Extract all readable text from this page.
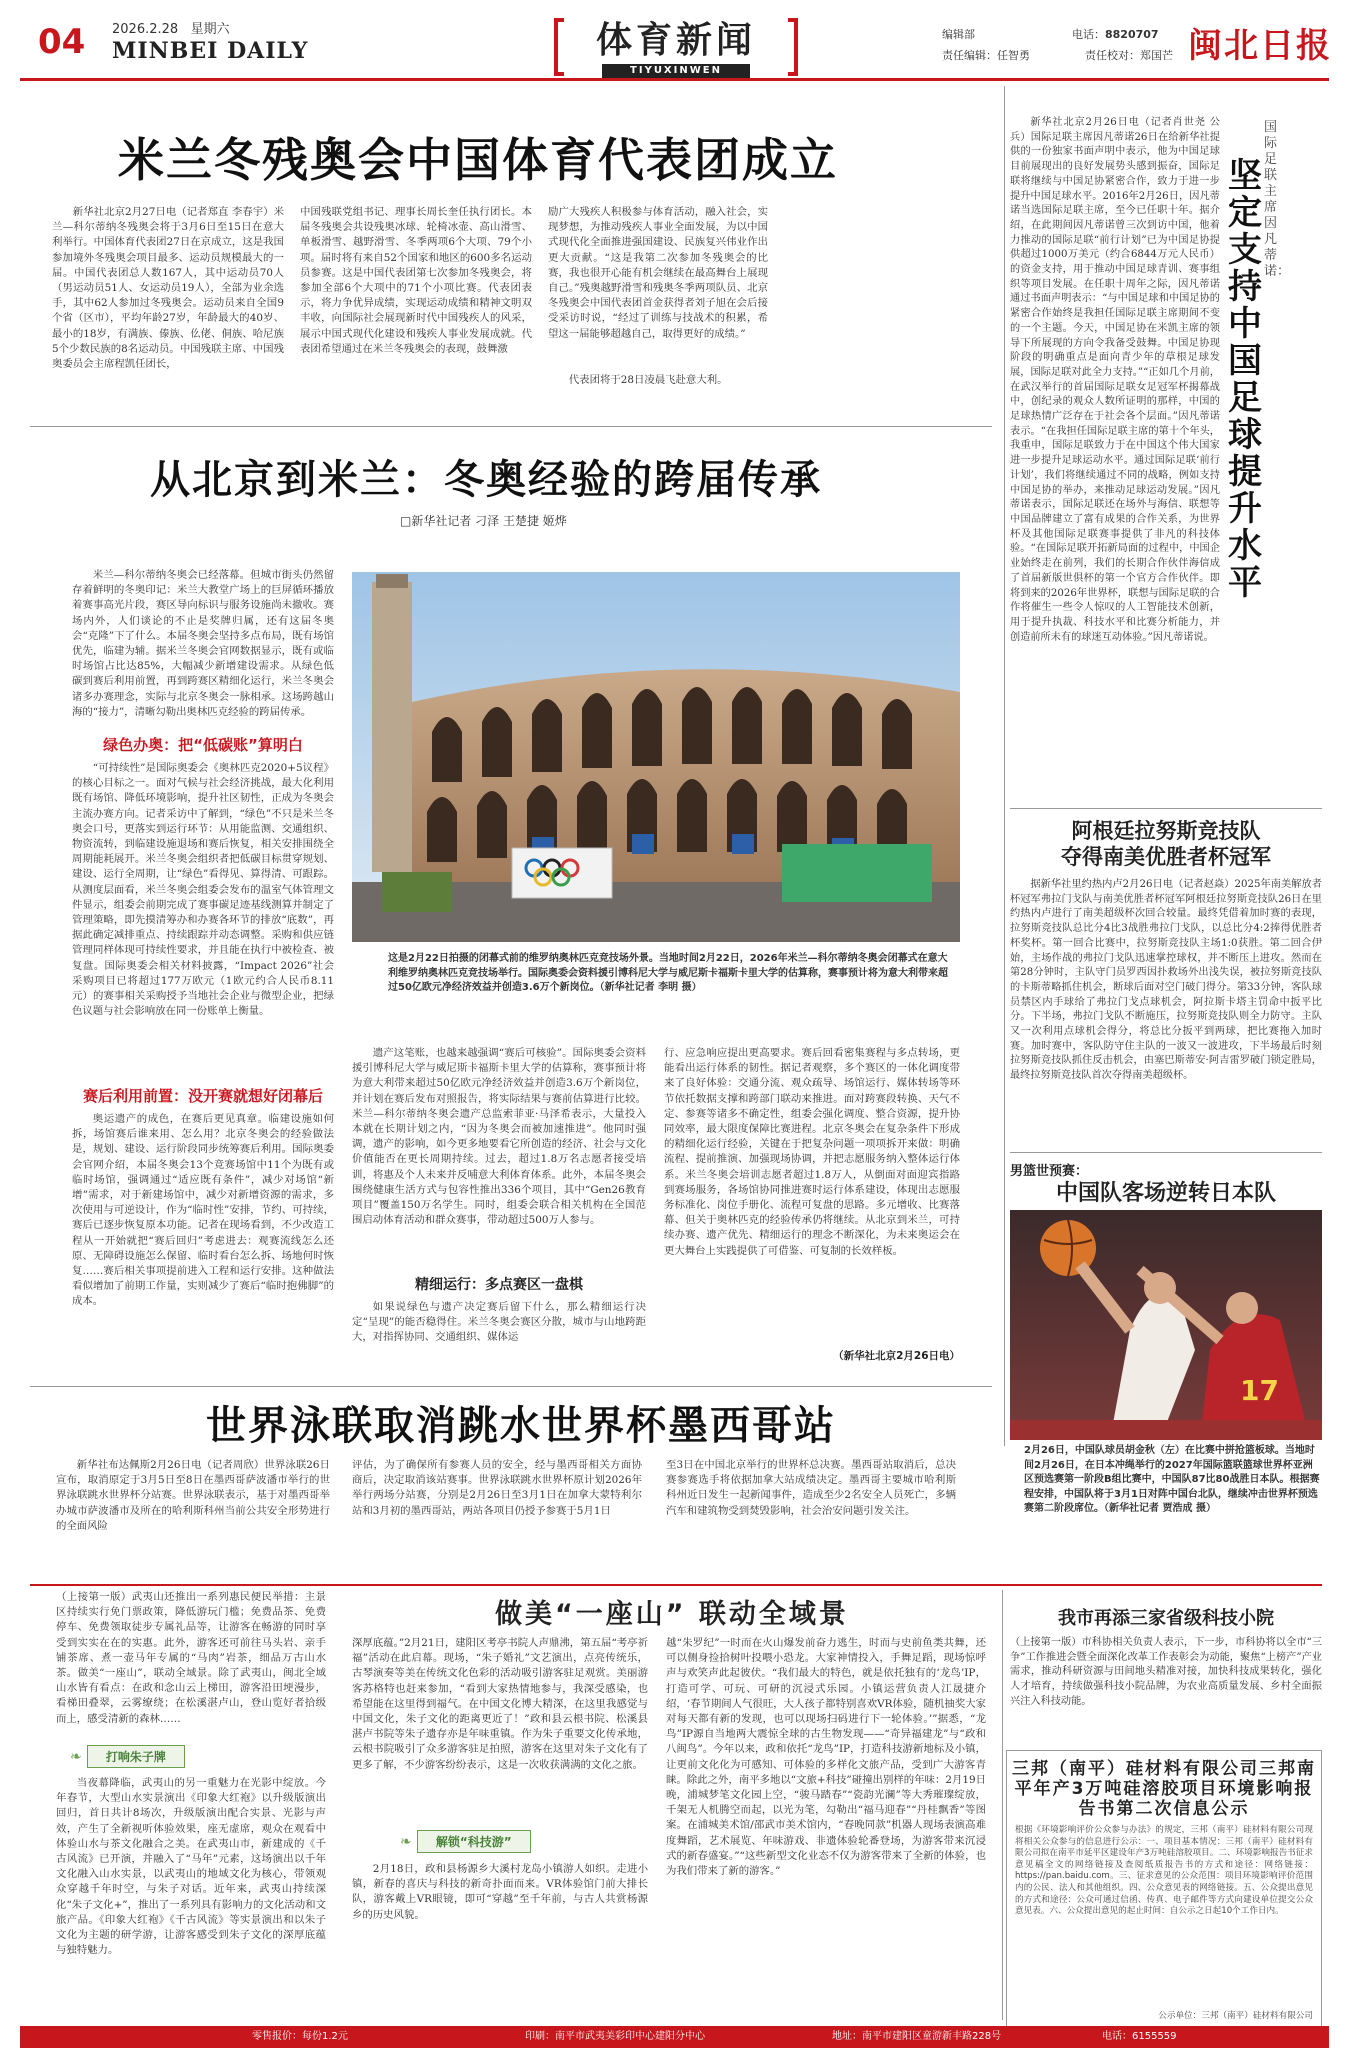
04 2026.2.28 星期六
MINBEI DAILY	体育新闻
TIYUXINWEN
编辑部	电话：8820707
责任编辑：任智勇	责任校对：郑国芒 闽北日报
米兰冬残奥会中国体育代表团成立

新华社北京2月27日电（记者郑直 李春宇）米兰—科尔蒂纳冬残奥会将于3月6日至15日在意大利举行。中国体育代表团27日在京成立，这是我国参加境外冬残奥会项目最多、运动员规模最大的一届。中国代表团总人数167人，其中运动员70人（男运动员51人、女运动员19人），全部为业余选手，其中62人参加过冬残奥会。运动员来自全国9个省（区市），平均年龄27岁，年龄最大的40岁、最小的18岁，有满族、傣族、仫佬、侗族、哈尼族5个少数民族的8名运动员。中国残联主席、中国残奥委员会主席程凯任团长，

中国残联党组书记、理事长周长奎任执行团长。本届冬残奥会共设残奥冰球、轮椅冰壶、高山滑雪、单板滑雪、越野滑雪、冬季两项6个大项、79个小项。届时将有来自52个国家和地区的600多名运动员参赛。这是中国代表团第七次参加冬残奥会，将参加全部6个大项中的71个小项比赛。代表团表示，将力争优异成绩，实现运动成绩和精神文明双丰收，向国际社会展现新时代中国残疾人的风采，展示中国式现代化建设和残疾人事业发展成就。代表团希望通过在米兰冬残奥会的表现，鼓舞激

励广大残疾人积极参与体育活动，融入社会，实现梦想，为推动残疾人事业全面发展，为以中国式现代化全面推进强国建设、民族复兴伟业作出更大贡献。“这是我第二次参加冬残奥会的比赛，我也很开心能有机会继续在最高舞台上展现自己。”残奥越野滑雪和残奥冬季两项队员、北京冬残奥会中国代表团首金获得者刘子旭在会后接受采访时说，“经过了训练与技战术的积累，希望这一届能够超越自己，取得更好的成绩。”

代表团将于28日凌晨飞赴意大利。

从北京到米兰：冬奥经验的跨届传承
□新华社记者 刁泽 王楚捷 姬烨

米兰—科尔蒂纳冬奥会已经落幕。但城市街头仍然留存着鲜明的冬奥印记：米兰大教堂广场上的巨屏循环播放着赛事高光片段，赛区导向标识与服务设施尚未撤收。赛场内外，人们谈论的不止是奖牌归属，还有这届冬奥会“克隆”下了什么。本届冬奥会坚持多点布局，既有场馆优先，临建为辅。据米兰冬奥会官网数据显示，既有或临时场馆占比达85%，大幅减少新增建设需求。从绿色低碳到赛后利用前置，再到跨赛区精细化运行，米兰冬奥会诸多办赛理念，实际与北京冬奥会一脉相承。这场跨越山海的“接力”，清晰勾勒出奥林匹克经验的跨届传承。

绿色办奥：把“低碳账”算明白

“可持续性”是国际奥委会《奥林匹克2020+5议程》的核心目标之一。面对气候与社会经济挑战，最大化利用既有场馆、降低环境影响，提升社区韧性，正成为冬奥会主流办赛方向。记者采访中了解到，“绿色”不只是米兰冬奥会口号，更落实到运行环节：从用能监测、交通组织、物资流转，到临建设施退场和赛后恢复，相关安排围绕全周期能耗展开。米兰冬奥会组织者把低碳目标贯穿规划、建设、运行全周期，让“绿色”看得见、算得清、可跟踪。从测度层面看，米兰冬奥会组委会发布的温室气体管理文件显示，组委会前期完成了赛事碳足迹基线测算并制定了管理策略，即先摸清筹办和办赛各环节的排放“底数”，再据此确定减排重点、持续跟踪并动态调整。采购和供应链管理同样体现可持续性要求，并且能在执行中被检查、被复盘。国际奥委会相关材料披露，“Impact 2026”社会采购项目已将超过177万欧元（1欧元约合人民币8.11元）的赛事相关采购授予当地社会企业与微型企业，把绿色议题与社会影响放在同一份账单上衡量。

赛后利用前置：没开赛就想好闭幕后

奥运遗产的成色，在赛后更见真章。临建设施如何拆，场馆赛后谁来用、怎么用？北京冬奥会的经验做法是，规划、建设、运行阶段同步统筹赛后利用。国际奥委会官网介绍，本届冬奥会13个竞赛场馆中11个为既有或临时场馆，强调通过“适应既有条件”，减少对场馆“新增”需求，对于新建场馆中，减少对新增资源的需求，多次使用与可逆设计，作为“临时性”安排，节约、可持续，赛后已逐步恢复原本功能。记者在现场看到，不少改造工程从一开始就把“赛后回归”考虑进去：观赛流线怎么还原、无障碍设施怎么保留、临时看台怎么拆、场地何时恢复……赛后相关事项提前进入工程和运行安排。这种做法看似增加了前期工作量，实则减少了赛后“临时抱佛脚”的成本。

这是2月22日拍摄的闭幕式前的维罗纳奥林匹克竞技场外景。当地时间2月22日，2026年米兰—科尔蒂纳冬奥会闭幕式在意大利维罗纳奥林匹克竞技场举行。国际奥委会资料援引博科尼大学与威尼斯卡福斯卡里大学的估算称，赛事预计将为意大利带来超过50亿欧元净经济效益并创造3.6万个新岗位。（新华社记者 李明 摄）

遗产这笔账，也越来越强调“赛后可核验”。国际奥委会资料援引博科尼大学与威尼斯卡福斯卡里大学的估算称，赛事预计将为意大利带来超过50亿欧元净经济效益并创造3.6万个新岗位，并计划在赛后发布对照报告，将实际结果与赛前估算进行比较。米兰—科尔蒂纳冬奥会遗产总监索菲亚·马泽希表示，大量投入本就在长期计划之内，“因为冬奥会而被加速推进”。他同时强调，遗产的影响，如今更多地要看它所创造的经济、社会与文化价值能否在更长周期持续。过去，超过1.8万名志愿者接受培训，将惠及个人未来并反哺意大利体育体系。此外，本届冬奥会围绕健康生活方式与包容性推出336个项目，其中“Gen26教育项目”覆盖150万名学生。同时，组委会联合相关机构在全国范围启动体育活动和群众赛事，带动超过500万人参与。

精细运行：多点赛区一盘棋

如果说绿色与遗产决定赛后留下什么，那么精细运行决定“呈现”的能否稳得住。米兰冬奥会赛区分散，城市与山地跨距大，对指挥协同、交通组织、媒体运

行、应急响应提出更高要求。赛后回看密集赛程与多点转场，更能看出运行体系的韧性。据记者观察，多个赛区的一体化调度带来了良好体验：交通分流、观众疏导、场馆运行、媒体转场等环节依托数据支撑和跨部门联动来推进。面对跨赛段转换、天气不定、参赛等诸多不确定性，组委会强化调度、整合资源，提升协同效率，最大限度保障比赛进程。北京冬奥会在复杂条件下形成的精细化运行经验，关键在于把复杂问题一项项拆开来做：明确流程、提前推演、加强现场协调，并把志愿服务纳入整体运行体系。米兰冬奥会培训志愿者超过1.8万人，从倒面对面迎宾指路到赛场服务，各场馆协同推进赛时运行体系建设，体现出志愿服务标准化、岗位手册化、流程可复盘的思路。多元增收、比赛落幕、但关于奥林匹克的经验传承仍将继续。从北京到米兰，可持续办赛、遗产优先、精细运行的理念不断深化，为未来奥运会在更大舞台上实践提供了可借鉴、可复制的长效样板。

（新华社北京2月26日电）
世界泳联取消跳水世界杯墨西哥站

新华社布达佩斯2月26日电（记者周欣）世界泳联26日宣布，取消原定于3月5日至8日在墨西哥萨波潘市举行的世界泳联跳水世界杯分站赛。世界泳联表示，基于对墨西哥举办城市萨波潘市及所在的哈利斯科州当前公共安全形势进行的全面风险

评估，为了确保所有参赛人员的安全，经与墨西哥相关方面协商后，决定取消该站赛事。世界泳联跳水世界杯原计划2026年举行两场分站赛，分别是2月26日至3月1日在加拿大蒙特利尔站和3月初的墨西哥站，两站各项目仍授予参赛于5月1日

至3日在中国北京举行的世界杯总决赛。墨西哥站取消后，总决赛参赛选手将依据加拿大站成绩决定。墨西哥主要城市哈利斯科州近日发生一起新闻事件，造成至少2名安全人员死亡，多辆汽车和建筑物受到焚毁影响，社会治安问题引发关注。

国际足联主席因凡蒂诺：
坚定支持中国足球提升水平

新华社北京2月26日电（记者肖世尧 公兵）国际足联主席因凡蒂诺26日在给新华社提供的一份独家书面声明中表示，他为中国足球目前展现出的良好发展势头感到振奋，国际足联将继续与中国足协紧密合作，致力于进一步提升中国足球水平。2016年2月26日，因凡蒂诺当选国际足联主席，至今已任职十年。据介绍，在此期间因凡蒂诺曾三次到访中国，他着力推动的国际足联“前行计划”已为中国足协提供超过1000万美元（约合6844万元人民币）的资金支持，用于推动中国足球青训、赛事组织等项目发展。在任职十周年之际，因凡蒂诺通过书面声明表示：“与中国足球和中国足协的紧密合作始终是我担任国际足联主席期间不变的一个主题。今天，中国足协在米凯主席的领导下所展现的方向令我备受鼓舞。中国足协现阶段的明确重点是面向青少年的草根足球发展，国际足联对此全力支持。”“正如几个月前，在武汉举行的首届国际足联女足冠军杯揭幕战中，创纪录的观众人数所证明的那样，中国的足球热情广泛存在于社会各个层面。”因凡蒂诺表示。“在我担任国际足联主席的第十个年头，我重申，国际足联致力于在中国这个伟大国家进一步提升足球运动水平。通过国际足联‘前行计划’，我们将继续通过不同的战略，例如支持中国足协的举办，来推动足球运动发展。”因凡蒂诺表示，国际足联还在场外与海信、联想等中国品牌建立了富有成果的合作关系，为世界杯及其他国际足联赛事提供了非凡的科技体验。“在国际足联开拓新局面的过程中，中国企业始终走在前列，我们的长期合作伙伴海信成了首届新版世俱杯的第一个官方合作伙伴。即将到来的2026年世界杯，联想与国际足联的合作将催生一些令人惊叹的人工智能技术创新，用于提升执裁、科技水平和比赛分析能力，并创造前所未有的球迷互动体验。”因凡蒂诺说。

阿根廷拉努斯竞技队
夺得南美优胜者杯冠军

据新华社里约热内卢2月26日电（记者赵焱）2025年南美解放者杯冠军弗拉门戈队与南美优胜者杯冠军阿根廷拉努斯竞技队26日在里约热内卢进行了南美超级杯次回合较量。最终凭借着加时赛的表现，拉努斯竞技队总比分4比3战胜弗拉门戈队，以总比分4:2捧得优胜者杯奖杯。第一回合比赛中，拉努斯竞技队主场1:0获胜。第二回合伊始，主场作战的弗拉门戈队迅速掌控球权，并不断压上进攻。然而在第28分钟时，主队守门员罗西因扑救场外出浅失误，被拉努斯竞技队的卡斯蒂略抓住机会，断球后面对空门破门得分。第33分钟，客队球员禁区内手球给了弗拉门戈点球机会，阿拉斯卡塔主罚命中扳平比分。下半场，弗拉门戈队不断施压，拉努斯竞技队则全力防守。主队又一次利用点球机会得分，将总比分扳平到两球，把比赛拖入加时赛。加时赛中，客队防守住主队的一波又一波进攻，下半场最后时刻拉努斯竞技队抓住反击机会，由塞巴斯蒂安·阿吉雷罗破门锁定胜局，最终拉努斯竞技队首次夺得南美超级杯。

男篮世预赛：
中国队客场逆转日本队
17
2月26日，中国队球员胡金秋（左）在比赛中拼抢篮板球。当地时间2月26日，在日本冲绳举行的2027年国际篮联篮球世界杯亚洲区预选赛第一阶段B组比赛中，中国队87比80战胜日本队。根据赛程安排，中国队将于3月1日对阵中国台北队，继续冲击世界杯预选赛第二阶段席位。（新华社记者 贾浩成 摄）

（上接第一版）武夷山还推出一系列惠民便民举措：主景区持续实行免门票政策，降低游玩门槛；免费品茶、免费停车、免费领取徒步专属礼品等，让游客在畅游的同时享受到实实在在的实惠。此外，游客还可前往马头岩、亲手铺茶席、煮一壶马年专属的“马肉”岩茶，细品万古山水茶。做美“一座山”，联动全域景。除了武夷山，闽北全域山水皆有看点：在政和念山云上梯田，游客沿田埂漫步，看梯田叠翠，云雾缭绕；在松溪湛卢山，登山览好者拾级而上，感受清新的森林……

❧ 打响朱子牌

当夜幕降临，武夷山的另一重魅力在光影中绽放。今年春节，大型山水实景演出《印象大红袍》以升级版演出回归，首日共计8场次，升级版演出配合实景、光影与声效，产生了全新视听体验效果，座无虚席，观众在观看中体验山水与茶文化融合之美。在武夷山市，新建成的《千古风流》已开演，并融入了“马年”元素，这场演出以千年文化融入山水实景，以武夷山的地域文化为核心，带领观众穿越千年时空，与朱子对话。近年来，武夷山持续深化“朱子文化+”，推出了一系列具有影响力的文化活动和文旅产品。《印象大红袍》《千古风流》等实景演出和以朱子文化为主题的研学游，让游客感受到朱子文化的深厚底蕴与独特魅力。

做美“一座山” 联动全域景

深厚底蕴。”2月21日，建阳区考亭书院人声鼎沸，第五届“考亭祈福”活动在此启幕。现场，“朱子婚礼”文艺演出，点亮传统乐，古琴演奏等美在传统文化色彩的活动吸引游客驻足观赏。美丽游客苏格特也赶来参加，“看到大家热情地参与，我深受感染，也希望能在这里得到福气。在中国文化博大精深，在这里我感觉与中国文化，朱子文化的距离更近了！”政和县云根书院、松溪县湛卢书院等朱子遗存亦是年味重镇。作为朱子重要文化传承地，云根书院吸引了众多游客驻足拍照，游客在这里对朱子文化有了更多了解，不少游客纷纷表示，这是一次收获满满的文化之旅。

❧ 解锁“科技游”

2月18日，政和县杨源乡大溪村龙岛小镇游人如织。走进小镇，新春的喜庆与科技的新奇扑面而来。VR体验馆门前大排长队，游客戴上VR眼镜，即可“穿越”至千年前，与古人共赏杨源乡的历史风貌。

越“朱罗纪”一时而在火山爆发前奋力逃生，时而与史前鱼类共舞，还可以侧身捡拾树叶投喂小恐龙。大家神情投入，手舞足蹈，现场惊呼声与欢笑声此起彼伏。“我们最大的特色，就是依托独有的‘龙鸟’IP，打造可学、可玩、可研的沉浸式乐园。小镇运营负责人江晟捷介绍，‘春节期间人气很旺，大人孩子都特别喜欢VR体验，随机抽奖大家对每天都有新的发现，也可以现场扫码进行下一轮体验。’”据悉，“龙鸟”IP源自当地两大震惊全球的古生物发现——“奇异福建龙”与“政和八闽鸟”。今年以来，政和依托“龙鸟”IP，打造科技游新地标及小镇，让更前文化化为可感知、可体验的多样化文旅产品，受到广大游客青睐。除此之外，南平多地以“文旅+科技”碰撞出别样的年味：2月19日晚，浦城梦笔文化园上空，“骏马踏春”“瓷韵光澜”等大秀璀璨绽放，千架无人机腾空而起，以光为笔，勾勒出“福马迎春”“丹桂飘香”等图案。在浦城美术馆/邵武市美术馆内，“春晚同款”机器人现场表演高难度舞蹈，艺术展览、年味游戏、非遗体验轮番登场，为游客带来沉浸式的新春盛宴。”“这些新型文化业态不仅为游客带来了全新的体验，也为我们带来了新的游客。”

我市再添三家省级科技小院

（上接第一版）市科协相关负责人表示，下一步，市科协将以全市“三争”工作推进会暨全面深化改革工作表彰会为动能，聚焦“上榜产”产业需求，推动科研资源与田间地头精准对接，加快科技成果转化，强化人才培育，持续做强科技小院品牌，为农业高质量发展、乡村全面振兴注入科技动能。

三邦（南平）硅材料有限公司三邦南平年产3万吨硅溶胶项目环境影响报告书第二次信息公示
根据《环境影响评价公众参与办法》的规定，三邦（南平）硅材料有限公司现将相关公众参与的信息进行公示：一、项目基本情况：三邦（南平）硅材料有限公司拟在南平市延平区建设年产3万吨硅溶胶项目。二、环境影响报告书征求意见稿全文的网络链接及查阅纸质报告书的方式和途径：网络链接：https://pan.baidu.com。三、征求意见的公众范围：项目环境影响评价范围内的公民、法人和其他组织。四、公众意见表的网络链接。五、公众提出意见的方式和途径：公众可通过信函、传真、电子邮件等方式向建设单位提交公众意见表。六、公众提出意见的起止时间：自公示之日起10个工作日内。
公示单位：三邦（南平）硅材料有限公司
零售报价：每份1.2元	印刷：南平市武夷美彩印中心建阳分中心	地址：南平市建阳区童游新丰路228号	电话：6155559
